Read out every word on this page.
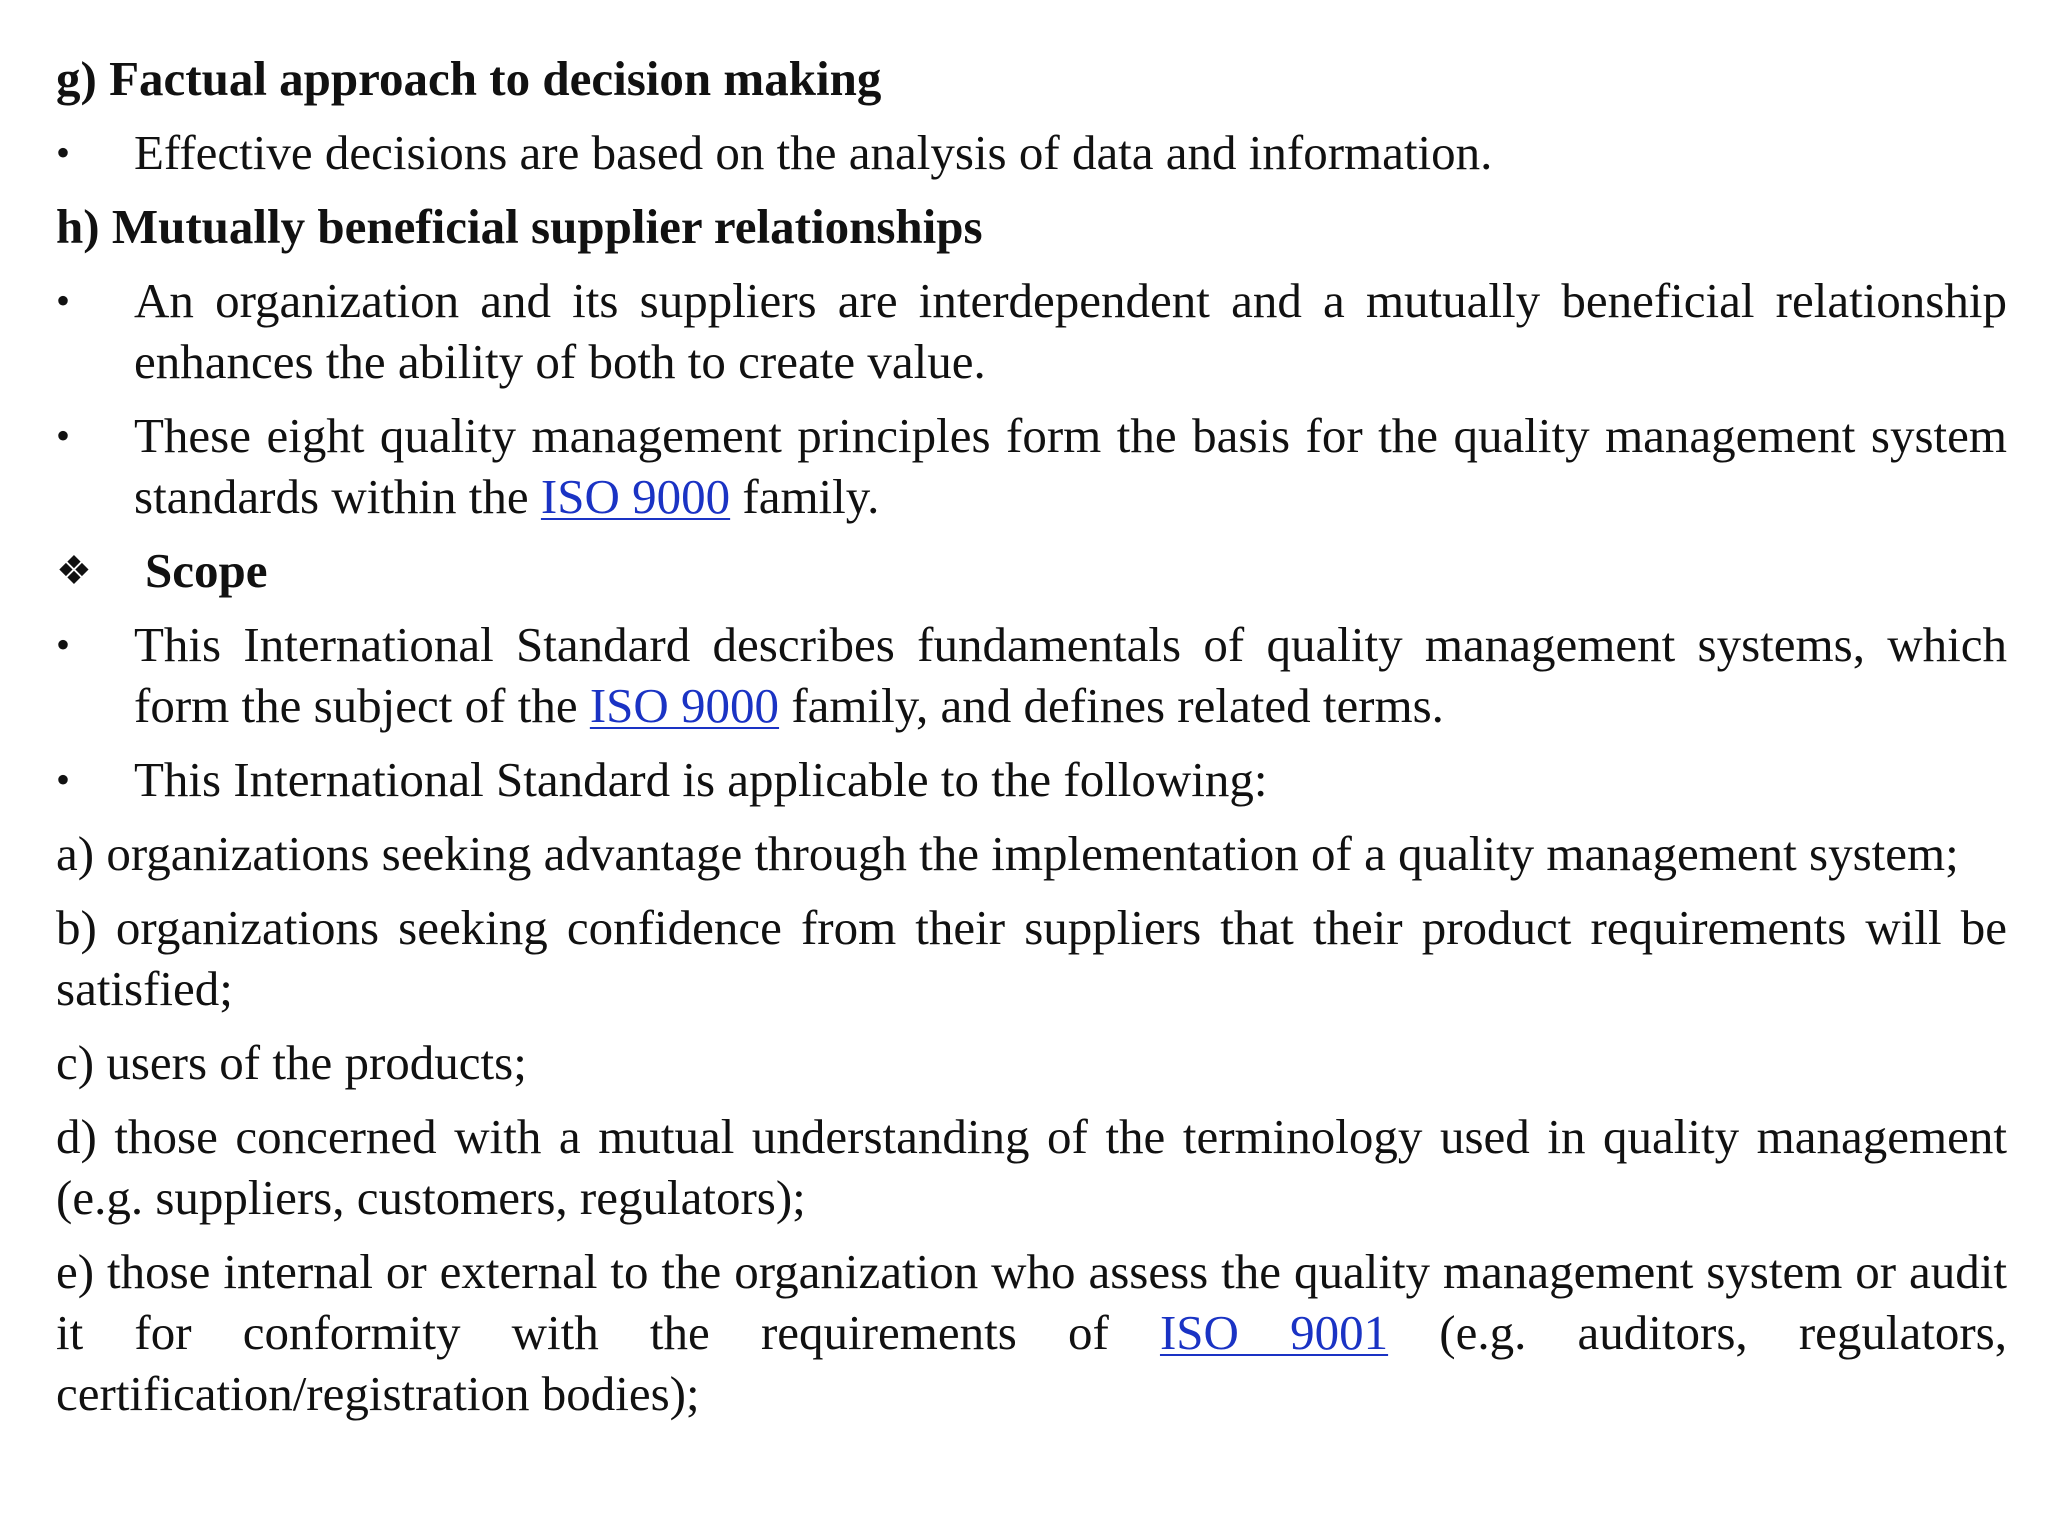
g) Factual approach to decision making
•	Effective decisions are based on the analysis of data and information.
h) Mutually beneficial supplier relationships
•	An organization and its suppliers are interdependent and a mutually beneficial relationship enhances the ability of both to create value.
•	These eight quality management principles form the basis for the quality management system standards within the ISO 9000 family.
❖	Scope
•	This International Standard describes fundamentals of quality management systems, which form the subject of the ISO 9000 family, and defines related terms.
•	This International Standard is applicable to the following:
a) organizations seeking advantage through the implementation of a quality management system;
b) organizations seeking confidence from their suppliers that their product requirements will be satisfied;
c) users of the products;
d) those concerned with a mutual understanding of the terminology used in quality management (e.g. suppliers, customers, regulators);
e) those internal or external to the organization who assess the quality management system or audit it for conformity with the requirements of ISO 9001 (e.g. auditors, regulators, certification/registration bodies);
